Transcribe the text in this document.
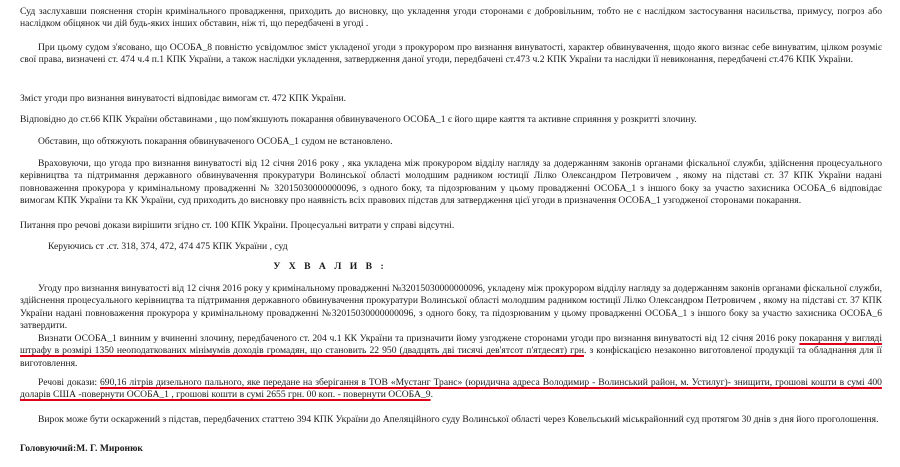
Суд заслухавши пояснення сторін кримінального провадження, приходить до висновку, що укладення угоди сторонами є добровільним, тобто не є наслідком застосування насильства, примусу, погроз або наслідком обіцянок чи дій будь-яких інших обставин, ніж ті, що передбачені в угоді .

При цьому судом з'ясовано, що ОСОБА_8 повністю усвідомлює зміст укладеної угоди з прокурором про визнання винуватості, характер обвинувачення, щодо якого визнає себе винуватим, цілком розуміє свої права, визначені ст. 474 ч.4 п.1 КПК України, а також наслідки укладення, затвердження даної угоди, передбачені ст.473 ч.2 КПК України та наслідки її невиконання, передбачені ст.476 КПК України.

Зміст угоди про визнання винуватості відповідає вимогам ст. 472 КПК України.

Відповідно до ст.66 КПК України обставинами , що пом'якшують покарання обвинуваченого ОСОБА_1 є його щире каяття та активне сприяння у розкритті злочину.

Обставин, що обтяжують покарання обвинуваченого ОСОБА_1 судом не встановлено.

Враховуючи, що угода про визнання винуватості від 12 січня 2016 року , яка укладена між прокурором відділу нагляду за додержанням законів органами фіскальної служби, здійснення процесуального керівництва та підтримання державного обвинувачення прокуратури Волинської області молодшим радником юстиції Лілко Олександром Петровичем , якому на підставі ст. 37 КПК України надані повноваження прокурора у кримінальному провадженні № 32015030000000096, з одного боку, та підозрюваним у цьому провадженні ОСОБА_1 з іншого боку за участю захисника ОСОБА_6 відповідає вимогам КПК України та КК України, суд приходить до висновку про наявність всіх правових підстав для затвердження цієї угоди в призначення ОСОБА_1 узгодженої сторонами покарання.

Питання про речові докази вирішити згідно ст. 100 КПК України. Процесуальні витрати у справі відсутні.

Керуючись ст .ст. 318, 374, 472, 474 475 КПК України , суд
У Х В А Л И В :

Угоду про визнання винуватості від 12 січня 2016 року у кримінальному провадженні №32015030000000096, укладену між прокурором відділу нагляду за додержанням законів органами фіскальної служби, здійснення процесуального керівництва та підтримання державного обвинувачення прокуратури Волинської області молодшим радником юстиції Лілко Олександром Петровичем , якому на підставі ст. 37 КПК України надані повноваження прокурора у кримінальному провадженні №32015030000000096, з одного боку, та підозрюваним у цьому провадженні ОСОБА_1 з іншого боку за участю захисника ОСОБА_6 затвердити.

Визнати ОСОБА_1 винним у вчиненні злочину, передбаченого ст. 204 ч.1 КК України та призначити йому узгоджене сторонами угоди про визнання винуватості від 12 січня 2016 року покарання у вигляді штрафу в розмірі 1350 неоподаткованих мінімумів доходів громадян, що становить 22 950 (двадцять дві тисячі дев'ятсот п'ятдесят) грн. з конфіскацією незаконно виготовленої продукції та обладнання для її виготовлення.

Речові докази: 690,16 літрів дизельного пального, яке передане на зберігання в ТОВ «Мустанг Транс» (юридична адреса Володимир - Волинський район, м. Устилуг)- знищити, грошові кошти в сумі 400 доларів США -повернути ОСОБА_1 , грошові кошти в сумі 2655 грн. 00 коп. - повернути ОСОБА_9.

Вирок може бути оскаржений з підстав, передбачених статтею 394 КПК України до Апеляційного суду Волинської області через Ковельський міськрайонний суд протягом 30 днів з дня його проголошення.

Головуючий:М. Г. Миронюк
